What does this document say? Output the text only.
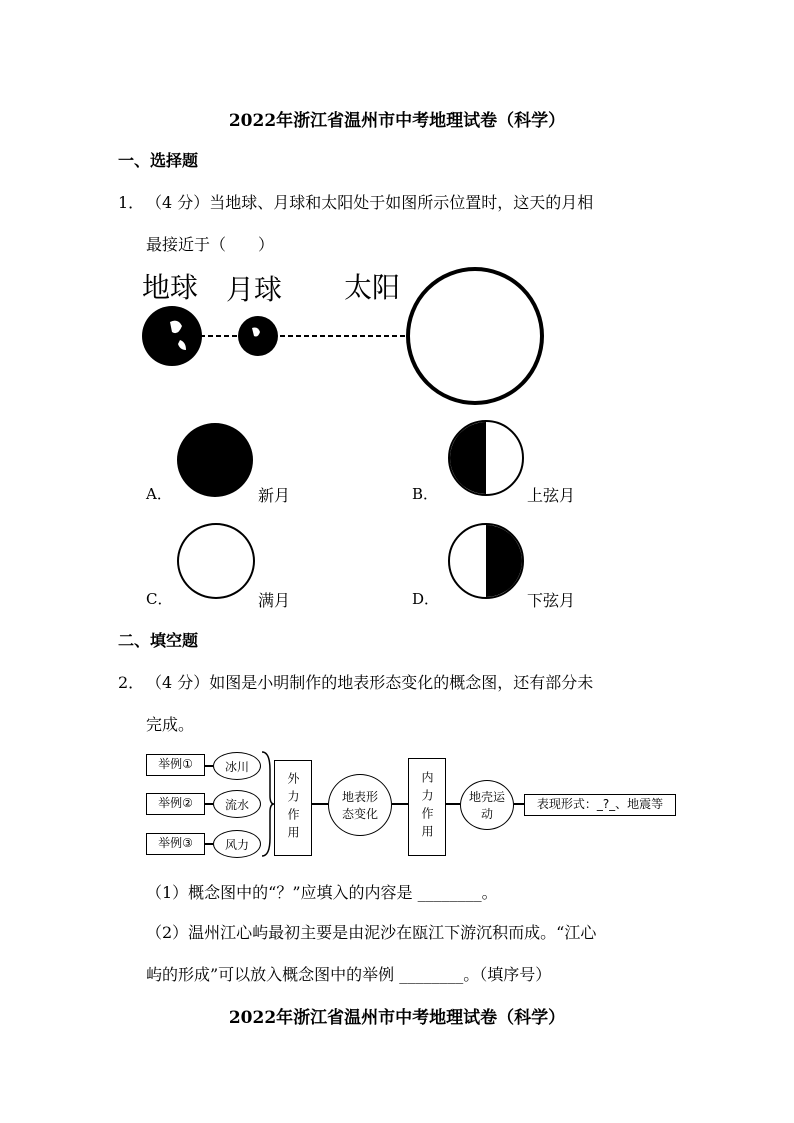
2022年浙江省温州市中考地理试卷（科学）
一、选择题
1． （4 分）当地球、月球和太阳处于如图所示位置时，这天的月相
最接近于（　　）
地球 月球 太阳
A．	新月	B．	上弦月
C．	满月	D．	下弦月
二、填空题
2． （4 分）如图是小明制作的地表形态变化的概念图，还有部分未
完成。
举例①
举例②
举例③
冰川
流水
风力
外力作用	地表形态变化	内力作用	地壳运动
表现形式：_?_、地震等
（1）概念图中的“？”应填入的内容是 ________。
（2）温州江心屿最初主要是由泥沙在瓯江下游沉积而成。“江心
屿的形成”可以放入概念图中的举例 ________。（填序号）
2022年浙江省温州市中考地理试卷（科学）
